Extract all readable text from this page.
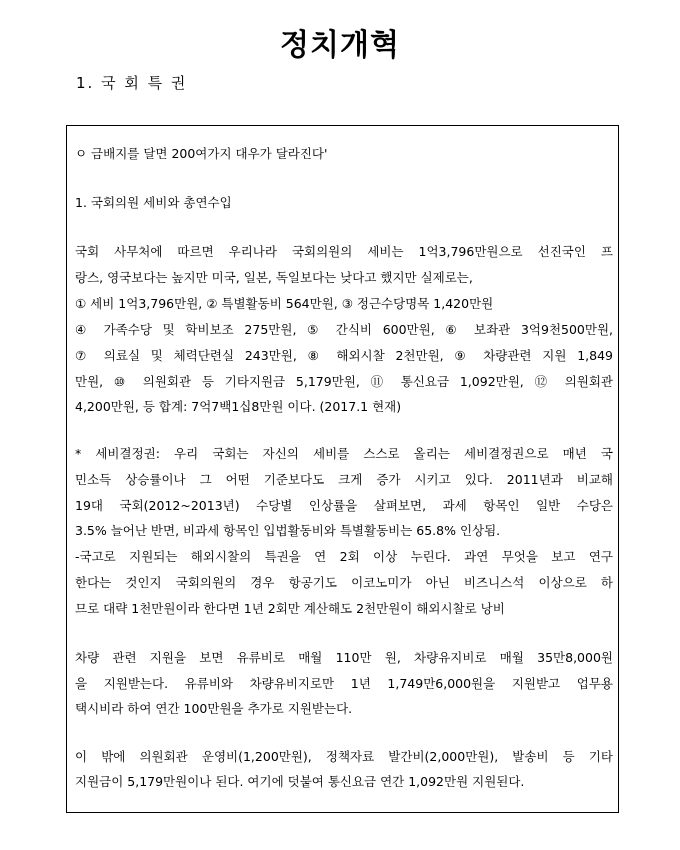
정치개혁
1. 국 회 특 권
ㅇ 금배지를 달면 200여가지 대우가 달라진다'
1. 국회의원 세비와 총연수입
국회 사무처에 따르면 우리나라 국회의원의 세비는 1억3,796만원으로 선진국인 프
랑스, 영국보다는 높지만 미국, 일본, 독일보다는 낮다고 했지만 실제로는,
① 세비 1억3,796만원, ② 특별활동비 564만원, ③ 정근수당명목 1,420만원
④ 가족수당 및 학비보조 275만원, ⑤ 간식비 600만원, ⑥ 보좌관 3억9천500만원,
⑦ 의료실 및 체력단련실 243만원, ⑧ 해외시찰 2천만원, ⑨ 차량관련 지원 1,849
만원, ⑩ 의원회관 등 기타지원금 5,179만원, ⑪ 통신요금 1,092만원, ⑫ 의원회관
4,200만원, 등 합계: 7억7백1십8만원 이다. (2017.1 현재)
* 세비결정권: 우리 국회는 자신의 세비를 스스로 올리는 세비결정권으로 매년 국
민소득 상승률이나 그 어떤 기준보다도 크게 증가 시키고 있다. 2011년과 비교해
19대 국회(2012~2013년) 수당별 인상률을 살펴보면, 과세 항목인 일반 수당은
3.5% 늘어난 반면, 비과세 항목인 입법활동비와 특별활동비는 65.8% 인상됨.
-국고로 지원되는 해외시찰의 특권을 연 2회 이상 누린다. 과연 무엇을 보고 연구
한다는 것인지 국회의원의 경우 항공기도 이코노미가 아닌 비즈니스석 이상으로 하
므로 대략 1천만원이라 한다면 1년 2회만 계산해도 2천만원이 해외시찰로 낭비
차량 관련 지원을 보면 유류비로 매월 110만 원, 차량유지비로 매월 35만8,000원
을 지원받는다. 유류비와 차량유비지로만 1년 1,749만6,000원을 지원받고 업무용
택시비라 하여 연간 100만원을 추가로 지원받는다.
이 밖에 의원회관 운영비(1,200만원), 정책자료 발간비(2,000만원), 발송비 등 기타
지원금이 5,179만원이나 된다. 여기에 덧붙여 통신요금 연간 1,092만원 지원된다.
